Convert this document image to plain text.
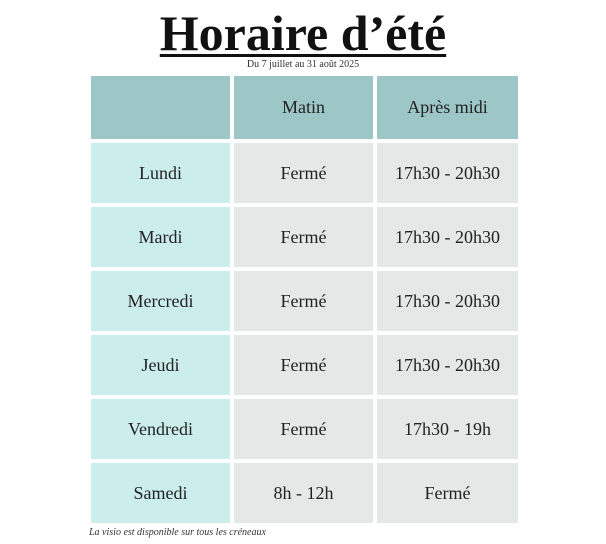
Horaire d’été
Du 7 juillet au 31 août 2025
	Matin	Après midi
Lundi	Fermé	17h30 - 20h30
Mardi	Fermé	17h30 - 20h30
Mercredi	Fermé	17h30 - 20h30
Jeudi	Fermé	17h30 - 20h30
Vendredi	Fermé	17h30 - 19h
Samedi	8h - 12h	Fermé
La visio est disponible sur tous les créneaux
